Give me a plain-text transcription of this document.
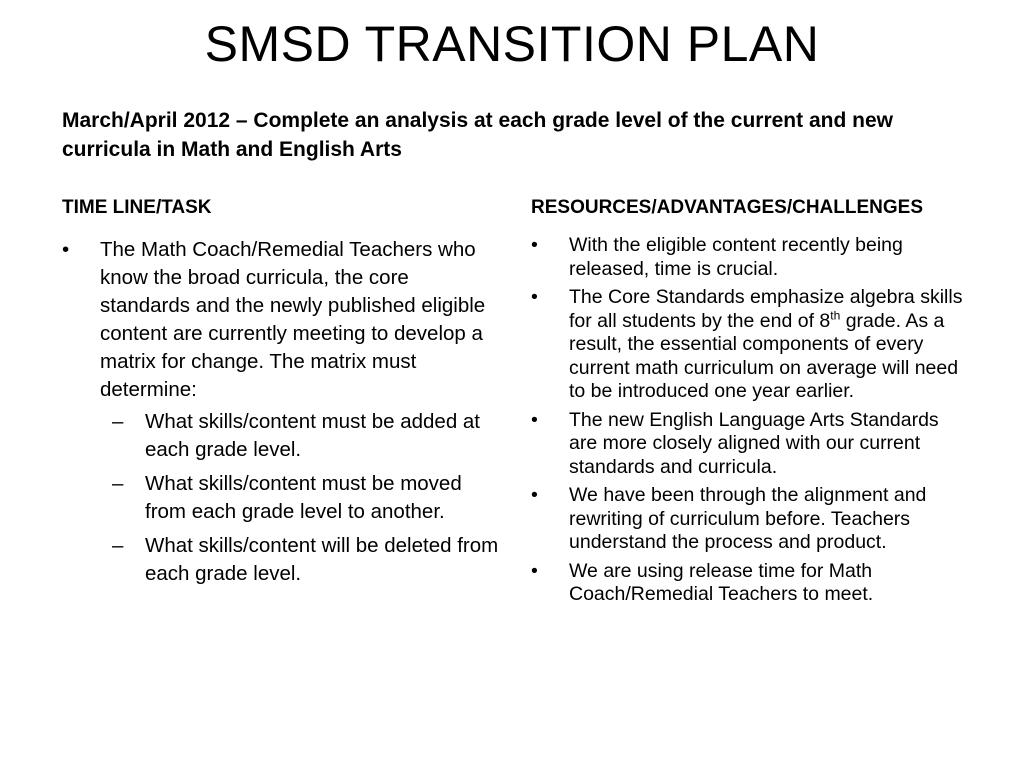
SMSD TRANSITION PLAN
March/April 2012 – Complete an analysis at each grade level of the current and new curricula in Math and English Arts
TIME LINE/TASK	RESOURCES/ADVANTAGES/CHALLENGES
•	The Math Coach/Remedial Teachers who know the broad curricula, the core standards and the newly published eligible content are currently meeting to develop a matrix for change. The matrix must determine:
–	What skills/content must be added at each grade level.
–	What skills/content must be moved from each grade level to another.
–	What skills/content will be deleted from each grade level.
•	With the eligible content recently being released, time is crucial.
•	The Core Standards emphasize algebra skills for all students by the end of 8th grade. As a result, the essential components of every current math curriculum on average will need to be introduced one year earlier.
•	The new English Language Arts Standards are more closely aligned with our current standards and curricula.
•	We have been through the alignment and rewriting of curriculum before. Teachers understand the process and product.
•	We are using release time for Math Coach/Remedial Teachers to meet.
